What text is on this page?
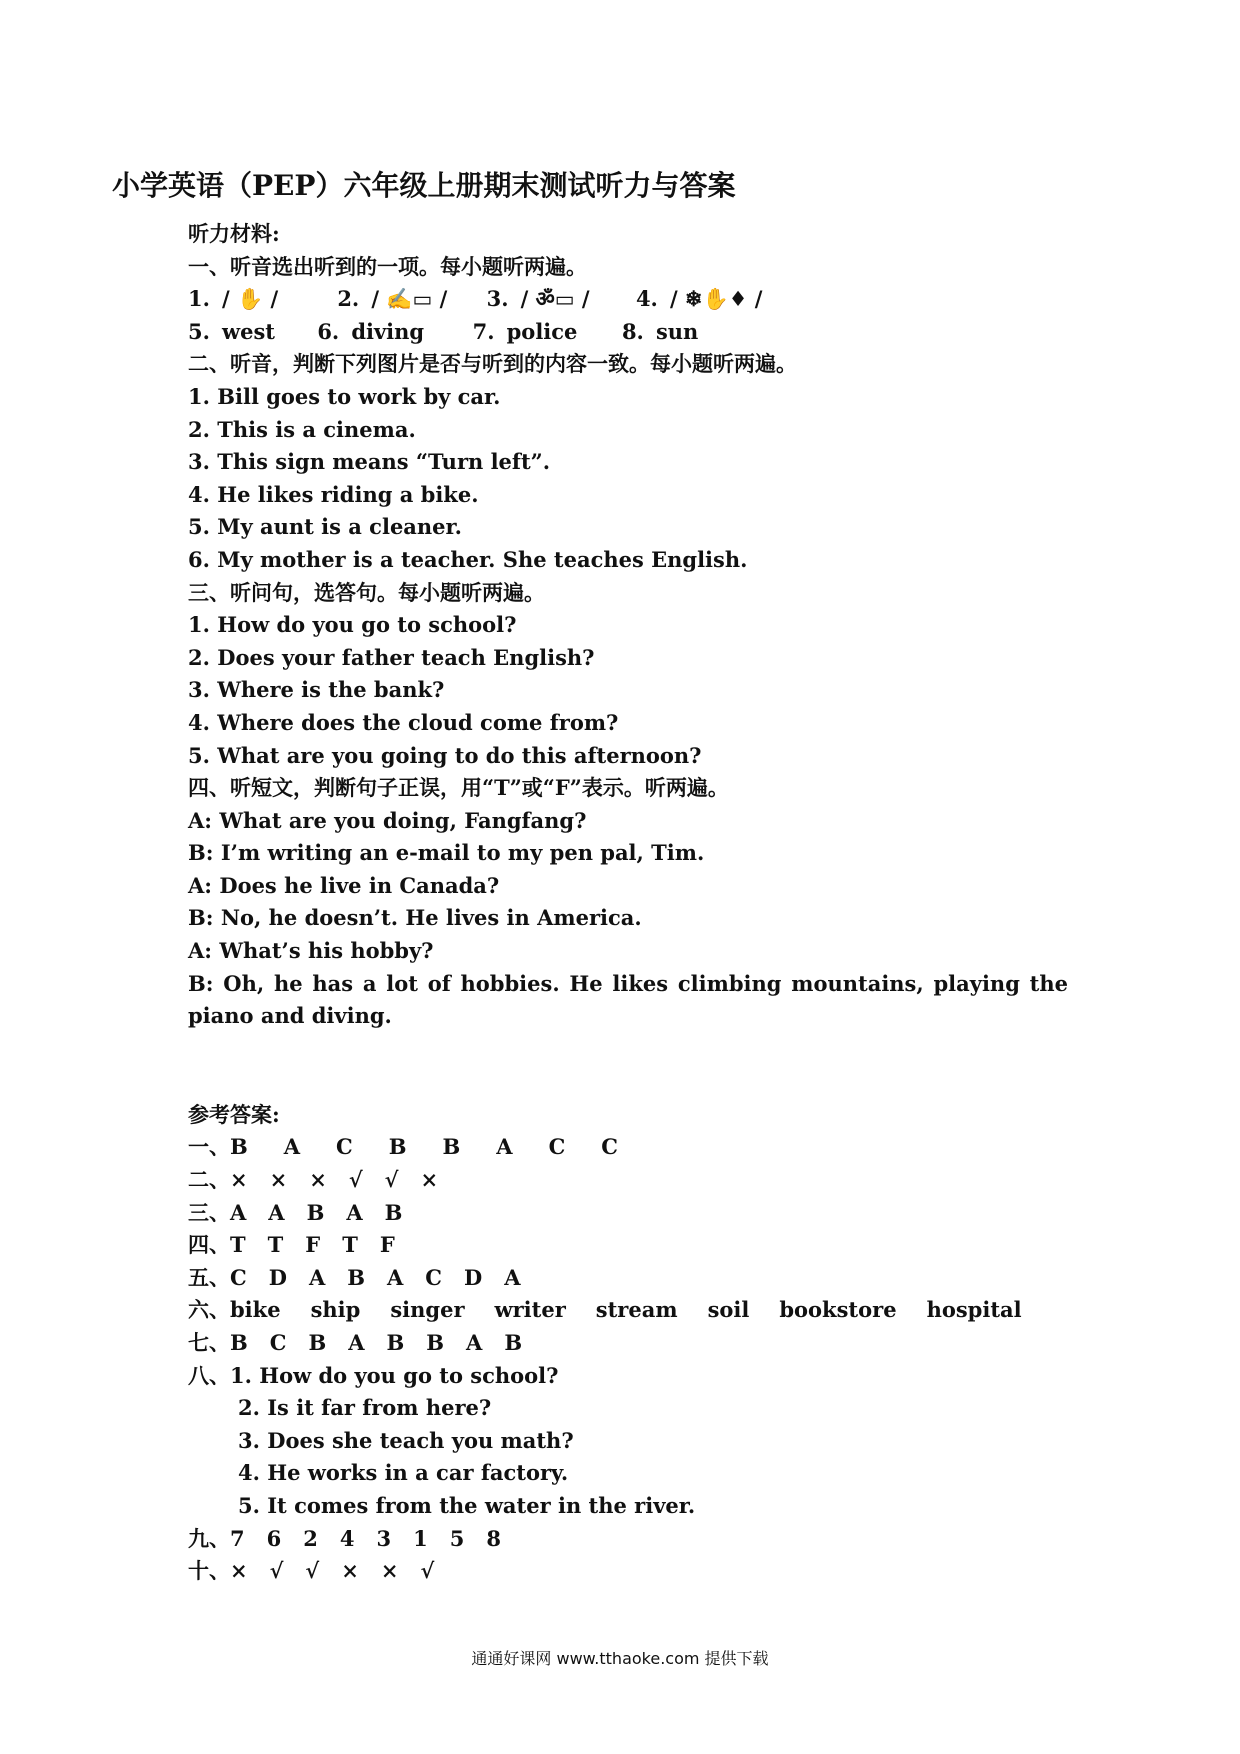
小学英语（PEP）六年级上册期末测试听力与答案
听力材料:
一、听音选出听到的一项。每小题听两遍。
1. / ✋ /	2. / ✍▭ / 3. / ॐ▭ / 4. / ❄✋♦ /
5. west 6. diving 7. police 8. sun
二、听音，判断下列图片是否与听到的内容一致。每小题听两遍。
1. Bill goes to work by car.
2. This is a cinema.
3. This sign means “Turn left”.
4. He likes riding a bike.
5. My aunt is a cleaner.
6. My mother is a teacher. She teaches English.
三、听问句，选答句。每小题听两遍。
1. How do you go to school?
2. Does your father teach English?
3. Where is the bank?
4. Where does the cloud come from?
5. What are you going to do this afternoon?
四、听短文，判断句子正误，用“T”或“F”表示。听两遍。
A: What are you doing, Fangfang?
B: I’m writing an e-mail to my pen pal, Tim.
A: Does he live in Canada?
B: No, he doesn’t. He lives in America.
A: What’s his hobby?
B: Oh, he has a lot of hobbies. He likes climbing mountains, playing the piano and diving.
参考答案:
一、B A C B B A C C
二、× × × √ √ ×
三、A A B A B
四、T T F T F
五、C D A B A C D A
六、bike ship singer writer stream soil bookstore hospital
七、B C B A B B A B
八、1. How do you go to school?
2. Is it far from here?
3. Does she teach you math?
4. He works in a car factory.
5. It comes from the water in the river.
九、7 6 2 4 3 1 5 8
十、× √ √ × × √
通通好课网 www.tthaoke.com 提供下载
